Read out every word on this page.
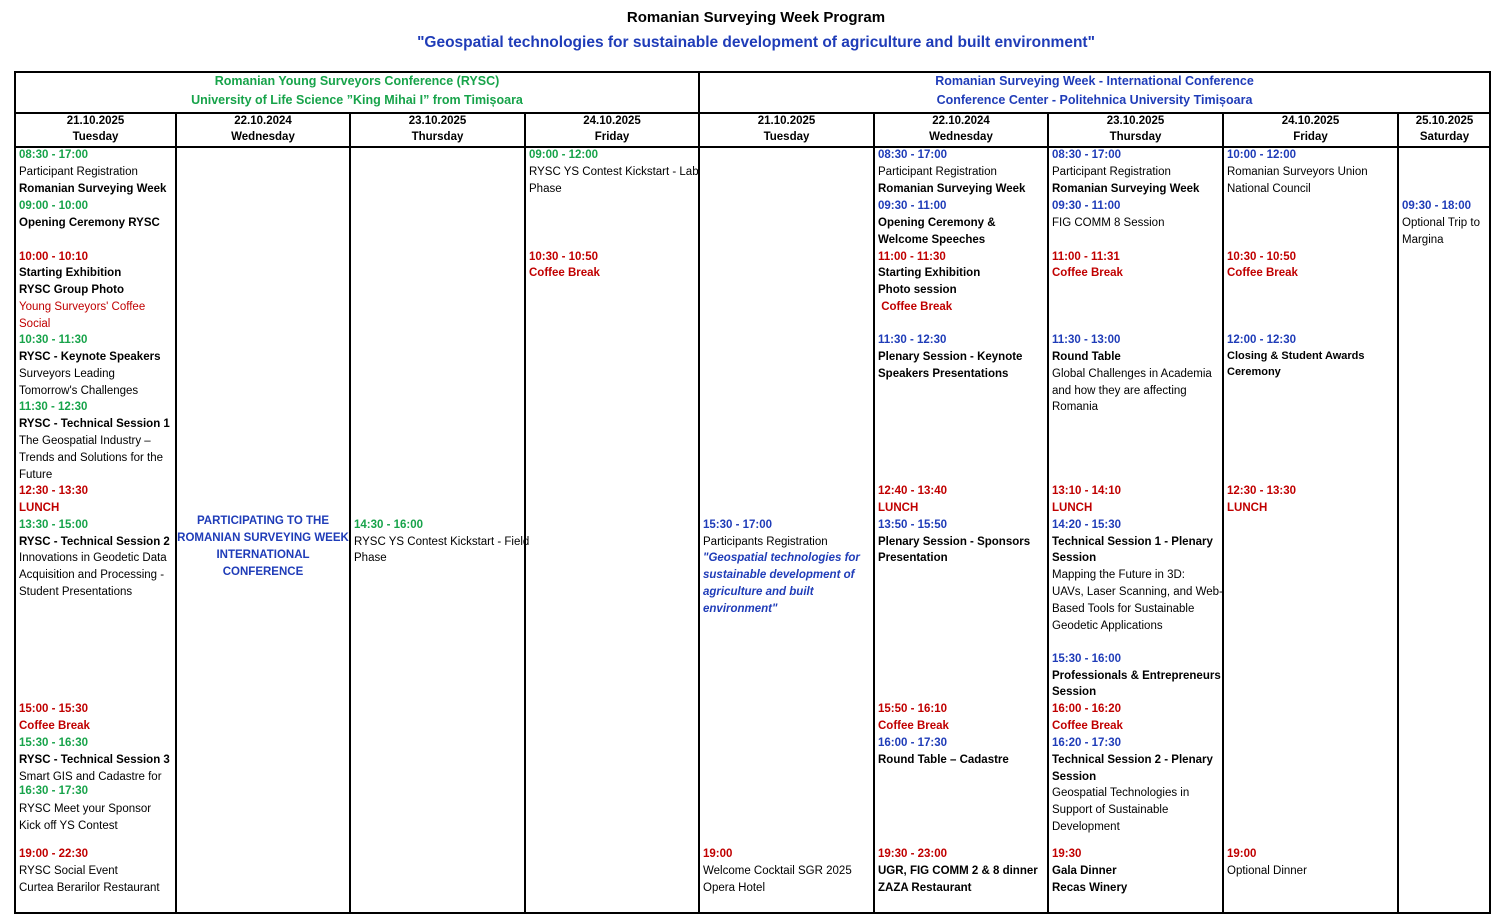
Romanian Surveying Week Program
"Geospatial technologies for sustainable development of agriculture and built environment"
Romanian Young Surveyors Conference (RYSC)
University of Life Science ”King Mihai I” from Timișoara
Romanian Surveying Week - International Conference
Conference Center - Politehnica University Timișoara
21.10.2025
Tuesday
22.10.2024
Wednesday
23.10.2025
Thursday
24.10.2025
Friday
21.10.2025
Tuesday
22.10.2024
Wednesday
23.10.2025
Thursday
24.10.2025
Friday
25.10.2025
Saturday
08:30 - 17:00
Participant Registration
Romanian Surveying Week
09:00 - 10:00
Opening Ceremony RYSC
10:00 - 10:10
Starting Exhibition
RYSC Group Photo
Young Surveyors' Coffee
Social
10:30 - 11:30
RYSC - Keynote Speakers
Surveyors Leading
Tomorrow's Challenges
11:30 - 12:30
RYSC - Technical Session 1
The Geospatial Industry –
Trends and Solutions for the
Future
12:30 - 13:30
LUNCH
13:30 - 15:00
RYSC - Technical Session 2
Innovations in Geodetic Data
Acquisition and Processing -
Student Presentations
15:00 - 15:30
Coffee Break
15:30 - 16:30
RYSC - Technical Session 3
Smart GIS and Cadastre for
16:30 - 17:30
RYSC Meet your Sponsor
Kick off YS Contest
19:00 - 22:30
RYSC Social Event
Curtea Berarilor Restaurant
PARTICIPATING TO THE
ROMANIAN SURVEYING WEEK
INTERNATIONAL CONFERENCE
14:30 - 16:00
RYSC YS Contest Kickstart - Field
Phase
09:00 - 12:00
RYSC YS Contest Kickstart - Lab
Phase
10:30 - 10:50
Coffee Break
15:30 - 17:00
Participants Registration
"Geospatial technologies for
sustainable development of
agriculture and built
environment"
19:00
Welcome Cocktail SGR 2025
Opera Hotel
08:30 - 17:00
Participant Registration
Romanian Surveying Week
09:30 - 11:00
Opening Ceremony &
Welcome Speeches
11:00 - 11:30
Starting Exhibition
Photo session
Coffee Break
11:30 - 12:30
Plenary Session - Keynote
Speakers Presentations
12:40 - 13:40
LUNCH
13:50 - 15:50
Plenary Session - Sponsors
Presentation
15:50 - 16:10
Coffee Break
16:00 - 17:30
Round Table – Cadastre
19:30 - 23:00
UGR, FIG COMM 2 & 8 dinner
ZAZA Restaurant
08:30 - 17:00
Participant Registration
Romanian Surveying Week
09:30 - 11:00
FIG COMM 8 Session
11:00 - 11:31
Coffee Break
11:30 - 13:00
Round Table
Global Challenges in Academia
and how they are affecting
Romania
13:10 - 14:10
LUNCH
14:20 - 15:30
Technical Session 1 - Plenary
Session
Mapping the Future in 3D:
UAVs, Laser Scanning, and Web-
Based Tools for Sustainable
Geodetic Applications
15:30 - 16:00
Professionals & Entrepreneurs
Session
16:00 - 16:20
Coffee Break
16:20 - 17:30
Technical Session 2 - Plenary
Session
Geospatial Technologies in
Support of Sustainable
Development
19:30
Gala Dinner
Recas Winery
10:00 - 12:00
Romanian Surveyors Union
National Council
10:30 - 10:50
Coffee Break
12:00 - 12:30
Closing & Student Awards
Ceremony
12:30 - 13:30
LUNCH
19:00
Optional Dinner
09:30 - 18:00
Optional Trip to
Margina
